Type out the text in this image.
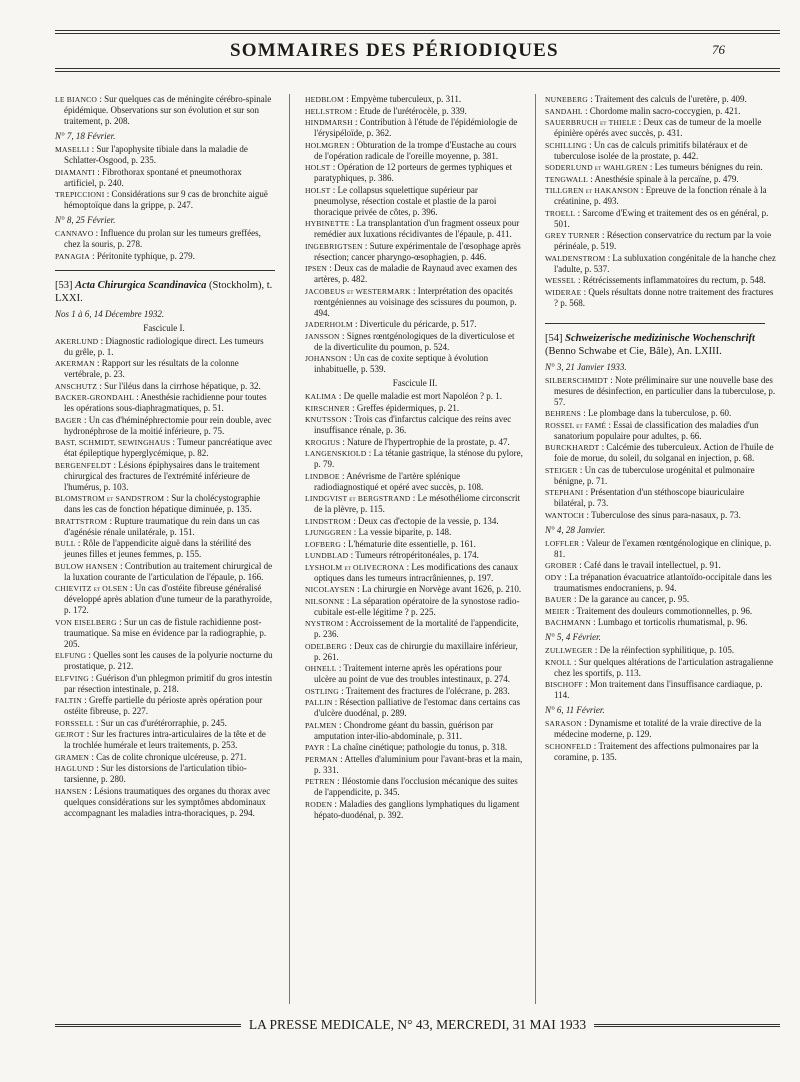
SOMMAIRES DES PÉRIODIQUES	76
LE BIANCO : Sur quelques cas de méningite cérébro-spinale épidémique. Observations sur son évolution et sur son traitement, p. 208.
N° 7, 18 Février.
MASELLI : Sur l'apophysite tibiale dans la maladie de Schlatter-Osgood, p. 235.
DIAMANTI : Fibrothorax spontané et pneumothorax artificiel, p. 240.
TREPICCIONI : Considérations sur 9 cas de bronchite aiguë hémoptoïque dans la grippe, p. 247.
N° 8, 25 Février.
CANNAVO : Influence du prolan sur les tumeurs greffées, chez la souris, p. 278.
PANAGIA : Péritonite typhique, p. 279.
[53] Acta Chirurgica Scandinavica (Stockholm), t. LXXI.
Nos 1 à 6, 14 Décembre 1932.
Fascicule I.
AKERLUND : Diagnostic radiologique direct. Les tumeurs du grêle, p. 1.
AKERMAN : Rapport sur les résultats de la colonne vertébrale, p. 23.
ANSCHUTZ : Sur l'iléus dans la cirrhose hépatique, p. 32.
BACKER-GRONDAHL : Anesthésie rachidienne pour toutes les opérations sous-diaphragmatiques, p. 51.
BAGER : Un cas d'héminéphrectomie pour rein double, avec hydronéphrose de la moitié inférieure, p. 75.
BAST, SCHMIDT, SEWINGHAUS : Tumeur pancréatique avec état épileptique hyperglycémique, p. 82.
BERGENFELDT : Lésions épiphysaires dans le traitement chirurgical des fractures de l'extrémité inférieure de l'humérus, p. 103.
BLOMSTROM et SANDSTROM : Sur la cholécystographie dans les cas de fonction hépatique diminuée, p. 135.
BRATTSTROM : Rupture traumatique du rein dans un cas d'agénésie rénale unilatérale, p. 151.
BULL : Rôle de l'appendicite aiguë dans la stérilité des jeunes filles et jeunes femmes, p. 155.
BULOW HANSEN : Contribution au traitement chirurgical de la luxation courante de l'articulation de l'épaule, p. 166.
CHIEVITZ et OLSEN : Un cas d'ostéite fibreuse généralisé développé après ablation d'une tumeur de la parathyroïde, p. 172.
VON EISELBERG : Sur un cas de fistule rachidienne post-traumatique. Sa mise en évidence par la radiographie, p. 205.
ELFUNG : Quelles sont les causes de la polyurie nocturne du prostatique, p. 212.
ELFVING : Guérison d'un phlegmon primitif du gros intestin par résection intestinale, p. 218.
FALTIN : Greffe partielle du périoste après opération pour ostéite fibreuse, p. 227.
FORSSELL : Sur un cas d'urétérorraphie, p. 245.
GEJROT : Sur les fractures intra-articulaires de la tête et de la trochlée humérale et leurs traitements, p. 253.
GRAMEN : Cas de colite chronique ulcéreuse, p. 271.
HAGLUND : Sur les distorsions de l'articulation tibio-tarsienne, p. 280.
HANSEN : Lésions traumatiques des organes du thorax avec quelques considérations sur les symptômes abdominaux accompagnant les maladies intra-thoraciques, p. 294.
HEDBLOM : Empyème tuberculeux, p. 311.
HELLSTROM : Etude de l'urétérocèle, p. 339.
HINDMARSH : Contribution à l'étude de l'épidémiologie de l'érysipéloïde, p. 362.
HOLMGREN : Obturation de la trompe d'Eustache au cours de l'opération radicale de l'oreille moyenne, p. 381.
HOLST : Opération de 12 porteurs de germes typhiques et paratyphiques, p. 386.
HOLST : Le collapsus squelettique supérieur par pneumolyse, résection costale et plastie de la paroi thoracique privée de côtes, p. 396.
HYBINETTE : La transplantation d'un fragment osseux pour remédier aux luxations récidivantes de l'épaule, p. 411.
INGEBRIGTSEN : Suture expérimentale de l'œsophage après résection; cancer pharyngo-œsophagien, p. 446.
IPSEN : Deux cas de maladie de Raynaud avec examen des artères, p. 482.
JACOBEUS et WESTERMARK : Interprétation des opacités rœntgéniennes au voisinage des scissures du poumon, p. 494.
JADERHOLM : Diverticule du péricarde, p. 517.
JANSSON : Signes rœntgénologiques de la diverticulose et de la diverticulite du poumon, p. 524.
JOHANSON : Un cas de coxite septique à évolution inhabituelle, p. 539.
Fascicule II.
KALIMA : De quelle maladie est mort Napoléon ? p. 1.
KIRSCHNER : Greffes épidermiques, p. 21.
KNUTSSON : Trois cas d'infarctus calcique des reins avec insuffisance rénale, p. 36.
KROGIUS : Nature de l'hypertrophie de la prostate, p. 47.
LANGENSKIOLD : La tétanie gastrique, la sténose du pylore, p. 79.
LINDBOE : Anévrisme de l'artère splénique radiodiagnostiqué et opéré avec succès, p. 108.
LINDGVIST et BERGSTRAND : Le mésothéliome circonscrit de la plèvre, p. 115.
LINDSTROM : Deux cas d'ectopie de la vessie, p. 134.
LJUNGGREN : La vessie biparite, p. 148.
LOFBERG : L'hématurie dite essentielle, p. 161.
LUNDBLAD : Tumeurs rétropéritonéales, p. 174.
LYSHOLM et OLIVECRONA : Les modifications des canaux optiques dans les tumeurs intracrâniennes, p. 197.
NICOLAYSEN : La chirurgie en Norvège avant 1626, p. 210.
NILSONNE : La séparation opératoire de la synostose radio-cubitale est-elle légitime ? p. 225.
NYSTROM : Accroissement de la mortalité de l'appendicite, p. 236.
ODELBERG : Deux cas de chirurgie du maxillaire inférieur, p. 261.
OHNELL : Traitement interne après les opérations pour ulcère au point de vue des troubles intestinaux, p. 274.
OSTLING : Traitement des fractures de l'olécrane, p. 283.
PALLIN : Résection palliative de l'estomac dans certains cas d'ulcère duodénal, p. 289.
PALMEN : Chondrome géant du bassin, guérison par amputation inter-ilio-abdominale, p. 311.
PAYR : La chaîne cinétique; pathologie du tonus, p. 318.
PERMAN : Attelles d'aluminium pour l'avant-bras et la main, p. 331.
PETREN : Iléostomie dans l'occlusion mécanique des suites de l'appendicite, p. 345.
RODEN : Maladies des ganglions lymphatiques du ligament hépato-duodénal, p. 392.
NUNEBERG : Traitement des calculs de l'uretère, p. 409.
SANDAHL : Chordome malin sacro-coccygien, p. 421.
SAUERBRUCH et THIELE : Deux cas de tumeur de la moelle épinière opérés avec succès, p. 431.
SCHILLING : Un cas de calculs primitifs bilatéraux et de tuberculose isolée de la prostate, p. 442.
SODERLUND et WAHLGREN : Les tumeurs bénignes du rein.
TENGWALL : Anesthésie spinale à la percaïne, p. 479.
TILLGREN et HAKANSON : Epreuve de la fonction rénale à la créatinine, p. 493.
TROELL : Sarcome d'Ewing et traitement des os en général, p. 501.
GREY TURNER : Résection conservatrice du rectum par la voie périnéale, p. 519.
WALDENSTROM : La subluxation congénitale de la hanche chez l'adulte, p. 537.
WESSEL : Rétrécissements inflammatoires du rectum, p. 548.
WIDERAE : Quels résultats donne notre traitement des fractures ? p. 568.
[54] Schweizerische medizinische Wochenschrift (Benno Schwabe et Cie, Bâle), An. LXIII.
N° 3, 21 Janvier 1933.
SILBERSCHMIDT : Note préliminaire sur une nouvelle base des mesures de désinfection, en particulier dans la tuberculose, p. 57.
BEHRENS : Le plombage dans la tuberculose, p. 60.
ROSSEL et FAMÉ : Essai de classification des maladies d'un sanatorium populaire pour adultes, p. 66.
BURCKHARDT : Calcémie des tuberculeux. Action de l'huile de foie de morue, du soleil, du solganal en injection, p. 68.
STEIGER : Un cas de tuberculose urogénital et pulmonaire bénigne, p. 71.
STEPHANI : Présentation d'un stéthoscope biauriculaire bilatéral, p. 73.
WANTOCH : Tuberculose des sinus para-nasaux, p. 73.
N° 4, 28 Janvier.
LOFFLER : Valeur de l'examen rœntgénologique en clinique, p. 81.
GROBER : Café dans le travail intellectuel, p. 91.
ODY : La trépanation évacuatrice atlantoïdo-occipitale dans les traumatismes endocraniens, p. 94.
BAUER : De la garance au cancer, p. 95.
MEIER : Traitement des douleurs commotionnelles, p. 96.
BACHMANN : Lumbago et torticolis rhumatismal, p. 96.
N° 5, 4 Février.
ZULLWEGER : De la réinfection syphilitique, p. 105.
KNOLL : Sur quelques altérations de l'articulation astragalienne chez les sportifs, p. 113.
BISCHOFF : Mon traitement dans l'insuffisance cardiaque, p. 114.
N° 6, 11 Février.
SARASON : Dynamisme et totalité de la vraie directive de la médecine moderne, p. 129.
SCHONFELD : Traitement des affections pulmonaires par la coramine, p. 135.
LA PRESSE MEDICALE, N° 43, MERCREDI, 31 MAI 1933
